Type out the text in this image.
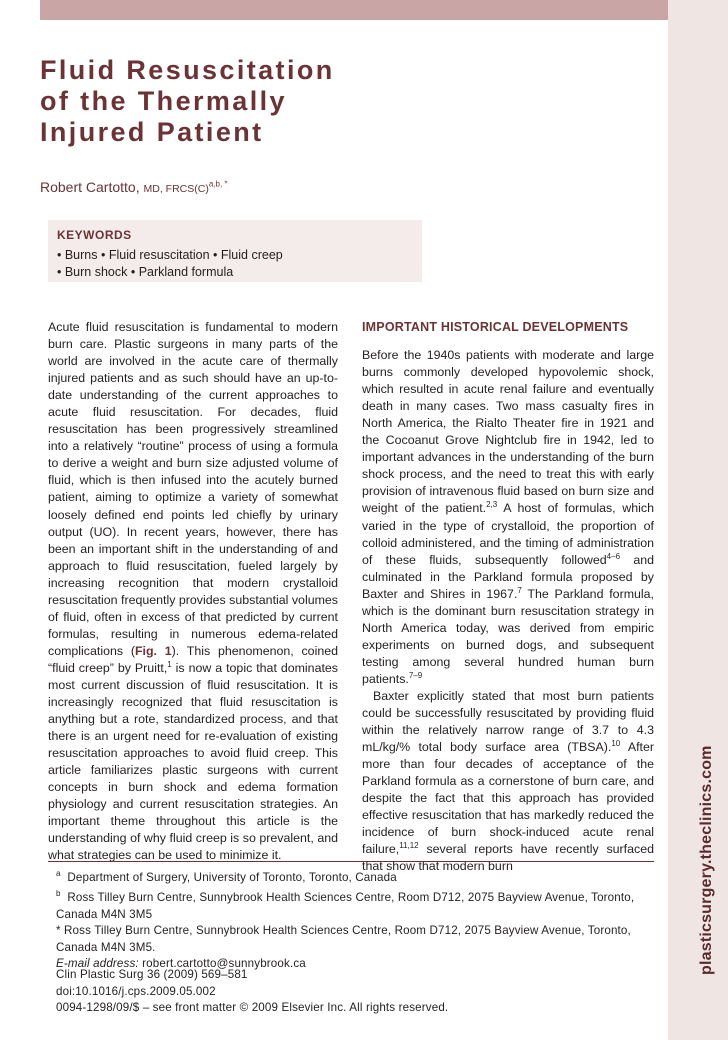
plasticsurgery.theclinics.com
Fluid Resuscitation
of the Thermally
Injured Patient
Robert Cartotto, MD, $FRCS(C)^{a,b, *}$
KEYWORDS
• Burns • Fluid resuscitation • Fluid creep
• Burn shock • Parkland formula

Acute fluid resuscitation is fundamental to modern burn care. Plastic surgeons in many parts of the world are involved in the acute care of thermally injured patients and as such should have an up-to-date understanding of the current approaches to acute fluid resuscitation. For decades, fluid resuscitation has been progressively streamlined into a relatively “routine” process of using a formula to derive a weight and burn size adjusted volume of fluid, which is then infused into the acutely burned patient, aiming to optimize a variety of somewhat loosely defined end points led chiefly by urinary output (UO). In recent years, however, there has been an important shift in the understanding of and approach to fluid resuscitation, fueled largely by increasing recognition that modern crystalloid resuscitation frequently provides substantial volumes of fluid, often in excess of that predicted by current formulas, resulting in numerous edema-related complications (Fig. 1). This phenomenon, coined “fluid creep” by Pruitt,$^1$ is now a topic that dominates most current discussion of fluid resuscitation. It is increasingly recognized that fluid resuscitation is anything but a rote, standardized process, and that there is an urgent need for re-evaluation of existing resuscitation approaches to avoid fluid creep. This article familiarizes plastic surgeons with current concepts in burn shock and edema formation physiology and current resuscitation strategies. An important theme throughout this article is the understanding of why fluid creep is so prevalent, and what strategies can be used to minimize it.

IMPORTANT HISTORICAL DEVELOPMENTS

Before the 1940s patients with moderate and large burns commonly developed hypovolemic shock, which resulted in acute renal failure and eventually death in many cases. Two mass casualty fires in North America, the Rialto Theater fire in 1921 and the Cocoanut Grove Nightclub fire in 1942, led to important advances in the understanding of the burn shock process, and the need to treat this with early provision of intravenous fluid based on burn size and weight of the patient.$^{2,3}$ A host of formulas, which varied in the type of crystalloid, the proportion of colloid administered, and the timing of administration of these fluids, subsequently followed$^{4-6}$ and culminated in the Parkland formula proposed by Baxter and Shires in 1967.$^7$ The Parkland formula, which is the dominant burn resuscitation strategy in North America today, was derived from empiric experiments on burned dogs, and subsequent testing among several hundred human burn patients.$^{7-9}$

Baxter explicitly stated that most burn patients could be successfully resuscitated by providing fluid within the relatively narrow range of 3.7 to 4.3 mL/kg/% total body surface area (TBSA).$^{10}$ After more than four decades of acceptance of the Parkland formula as a cornerstone of burn care, and despite the fact that this approach has provided effective resuscitation that has markedly reduced the incidence of burn shock-induced acute renal failure,$^{11,12}$ several reports have recently surfaced that show that modern burn

$^a$ Department of Surgery, University of Toronto, Toronto, Canada

$^b$ Ross Tilley Burn Centre, Sunnybrook Health Sciences Centre, Room D712, 2075 Bayview Avenue, Toronto, Canada M4N 3M5

* Ross Tilley Burn Centre, Sunnybrook Health Sciences Centre, Room D712, 2075 Bayview Avenue, Toronto, Canada M4N 3M5.

E-mail address: robert.cartotto@sunnybrook.ca

Clin Plastic Surg 36 (2009) 569–581

doi:10.1016/j.cps.2009.05.002

0094-1298/09/$ – see front matter © 2009 Elsevier Inc. All rights reserved.
